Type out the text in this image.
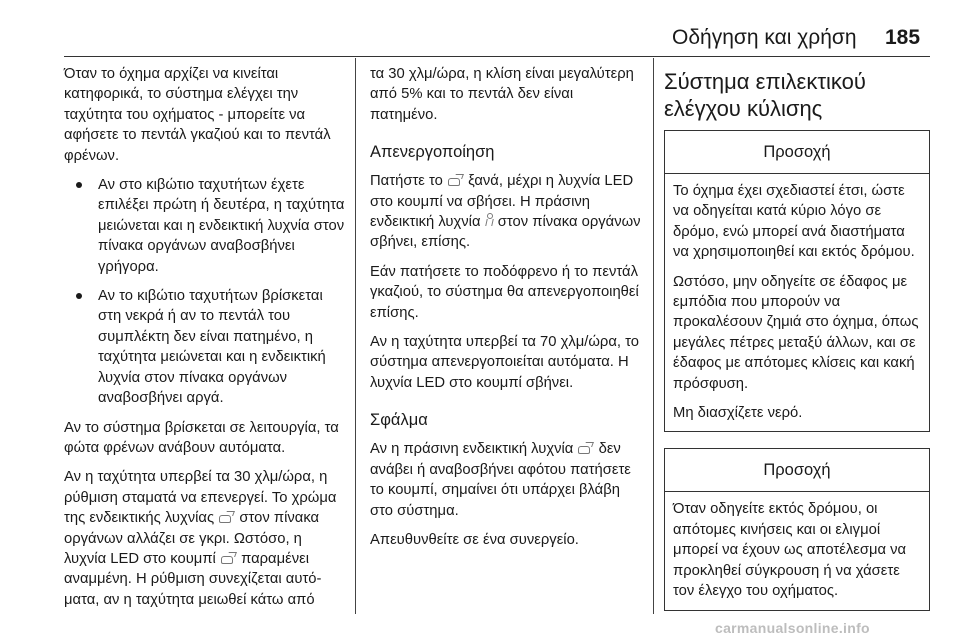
Οδήγηση και χρήση 185

Όταν το όχημα αρχίζει να κινείται κατηφορικά, το σύστημα ελέγχει την ταχύτητα του οχήματος - μπορείτε να αφήσετε το πεντάλ γκαζιού και το πεντάλ φρένων.

Αν στο κιβώτιο ταχυτήτων έχετε επιλέξει πρώτη ή δευτέρα, η ταχύτητα μειώνεται και η ενδεικτική λυχνία στον πίνακα οργάνων αναβοσβήνει γρήγορα.

Αν το κιβώτιο ταχυτήτων βρίσκεται στη νεκρά ή αν το πεντάλ του συμπλέκτη δεν είναι πατημένο, η ταχύτητα μειώνεται και η ενδεικτική λυχνία στον πίνακα οργάνων αναβοσβήνει αργά.

Αν το σύστημα βρίσκεται σε λειτουργία, τα φώτα φρένων ανάβουν αυτόματα.

Αν η ταχύτητα υπερβεί τα 30 χλμ/ώρα, η ρύθμιση σταματά να επενεργεί. Το χρώμα της ενδεικτικής λυχνίας στον πίνακα οργάνων αλλάζει σε γκρι. Ωστόσο, η λυχνία LED στο κουμπί παραμένει αναμμένη. Η ρύθμιση συνεχίζεται αυτόματα, αν η ταχύτητα μειωθεί κάτω από

τα 30 χλμ/ώρα, η κλίση είναι μεγαλύτερη από 5% και το πεντάλ δεν είναι πατημένο.

Απενεργοποίηση

Πατήστε το ξανά, μέχρι η λυχνία LED στο κουμπί να σβήσει. Η πράσινη ενδεικτική λυχνία στον πίνακα οργάνων σβήνει, επίσης.

Εάν πατήσετε το ποδόφρενο ή το πεντάλ γκαζιού, το σύστημα θα απενεργοποιηθεί επίσης.

Αν η ταχύτητα υπερβεί τα 70 χλμ/ώρα, το σύστημα απενεργοποιείται αυτόματα. Η λυχνία LED στο κουμπί σβήνει.

Σφάλμα

Αν η πράσινη ενδεικτική λυχνία δεν ανάβει ή αναβοσβήνει αφότου πατήσετε το κουμπί, σημαίνει ότι υπάρχει βλάβη στο σύστημα.

Απευθυνθείτε σε ένα συνεργείο.

Σύστημα επιλεκτικού ελέγχου κύλισης
Προσοχή

Το όχημα έχει σχεδιαστεί έτσι, ώστε να οδηγείται κατά κύριο λόγο σε δρόμο, ενώ μπορεί ανά διαστήματα να χρησιμοποιηθεί και εκτός δρόμου.

Ωστόσο, μην οδηγείτε σε έδαφος με εμπόδια που μπορούν να προκαλέσουν ζημιά στο όχημα, όπως μεγάλες πέτρες μεταξύ άλλων, και σε έδαφος με απότομες κλίσεις και κακή πρόσφυση.

Μη διασχίζετε νερό.

Προσοχή

Όταν οδηγείτε εκτός δρόμου, οι απότομες κινήσεις και οι ελιγμοί μπορεί να έχουν ως αποτέλεσμα να προκληθεί σύγκρουση ή να χάσετε τον έλεγχο του οχήματος.

carmanualsonline.info
